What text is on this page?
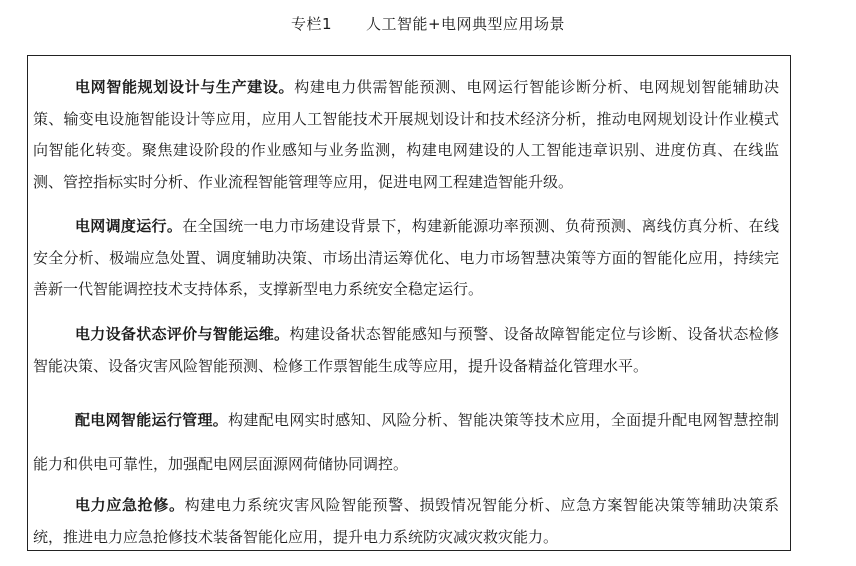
专栏1 人工智能+电网典型应用场景
电网智能规划设计与生产建设。构建电力供需智能预测、电网运行智能诊断分析、电网规划智能辅助决策、输变电设施智能设计等应用，应用人工智能技术开展规划设计和技术经济分析，推动电网规划设计作业模式向智能化转变。聚焦建设阶段的作业感知与业务监测，构建电网建设的人工智能违章识别、进度仿真、在线监测、管控指标实时分析、作业流程智能管理等应用，促进电网工程建造智能升级。
电网调度运行。在全国统一电力市场建设背景下，构建新能源功率预测、负荷预测、离线仿真分析、在线安全分析、极端应急处置、调度辅助决策、市场出清运筹优化、电力市场智慧决策等方面的智能化应用，持续完善新一代智能调控技术支持体系，支撑新型电力系统安全稳定运行。
电力设备状态评价与智能运维。构建设备状态智能感知与预警、设备故障智能定位与诊断、设备状态检修智能决策、设备灾害风险智能预测、检修工作票智能生成等应用，提升设备精益化管理水平。
配电网智能运行管理。构建配电网实时感知、风险分析、智能决策等技术应用，全面提升配电网智慧控制能力和供电可靠性，加强配电网层面源网荷储协同调控。
电力应急抢修。构建电力系统灾害风险智能预警、损毁情况智能分析、应急方案智能决策等辅助决策系统，推进电力应急抢修技术装备智能化应用，提升电力系统防灾减灾救灾能力。
